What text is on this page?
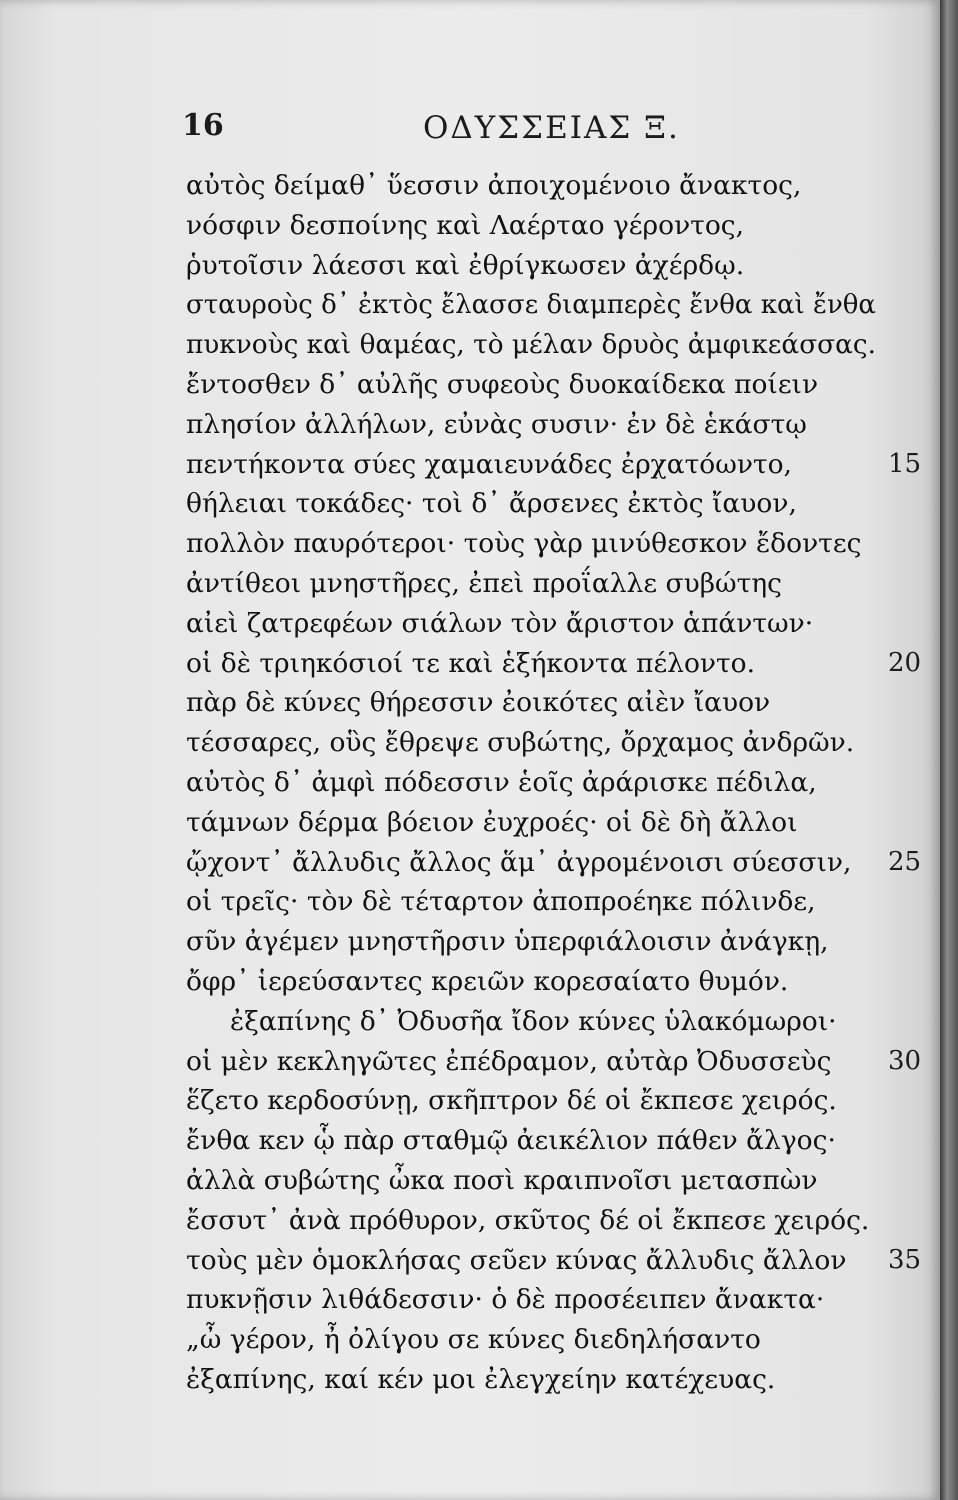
16	ΟΔΥΣΣΕΙΑΣ Ξ.
αὐτὸς δείμαθ᾽ ὕεσσιν ἀποιχομένοιο ἄνακτος,
νόσφιν δεσποίνης καὶ Λαέρταο γέροντος,
ῥυτοῖσιν λάεσσι καὶ ἐθρίγκωσεν ἀχέρδῳ.
σταυροὺς δ᾽ ἐκτὸς ἔλασσε διαμπερὲς ἔνθα καὶ ἔνθα
πυκνοὺς καὶ θαμέας, τὸ μέλαν δρυὸς ἀμφικεάσσας.
ἔντοσθεν δ᾽ αὐλῆς συφεοὺς δυοκαίδεκα ποίειν
πλησίον ἀλλήλων, εὐνὰς συσιν· ἐν δὲ ἑκάστῳ
πεντήκοντα σύες χαμαιευνάδες ἐρχατόωντο,	15
θήλειαι τοκάδες· τοὶ δ᾽ ἄρσενες ἐκτὸς ἴαυον,
πολλὸν παυρότεροι· τοὺς γὰρ μινύθεσκον ἔδοντες
ἀντίθεοι μνηστῆρες, ἐπεὶ προΐαλλε συβώτης
αἰεὶ ζατρεφέων σιάλων τὸν ἄριστον ἁπάντων·
οἱ δὲ τριηκόσιοί τε καὶ ἑξήκοντα πέλοντο.	20
πὰρ δὲ κύνες θήρεσσιν ἐοικότες αἰὲν ἴαυον
τέσσαρες, οὓς ἔθρεψε συβώτης, ὄρχαμος ἀνδρῶν.
αὐτὸς δ᾽ ἀμφὶ πόδεσσιν ἑοῖς ἀράρισκε πέδιλα,
τάμνων δέρμα βόειον ἐυχροές· οἱ δὲ δὴ ἄλλοι
ᾤχοντ᾽ ἄλλυδις ἄλλος ἅμ᾽ ἀγρομένοισι σύεσσιν, 25
οἱ τρεῖς· τὸν δὲ τέταρτον ἀποπροέηκε πόλινδε,
σῦν ἀγέμεν μνηστῆρσιν ὑπερφιάλοισιν ἀνάγκῃ,
ὄφρ᾽ ἱερεύσαντες κρειῶν κορεσαίατο θυμόν.
ἐξαπίνης δ᾽ Ὀδυσῆα ἴδον κύνες ὑλακόμωροι·
οἱ μὲν κεκληγῶτες ἐπέδραμον, αὐτὰρ Ὀδυσσεὺς 30
ἕζετο κερδοσύνῃ, σκῆπτρον δέ οἱ ἔκπεσε χειρός.
ἔνθα κεν ᾧ πὰρ σταθμῷ ἀεικέλιον πάθεν ἄλγος·
ἀλλὰ συβώτης ὦκα ποσὶ κραιπνοῖσι μετασπὼν
ἔσσυτ᾽ ἀνὰ πρόθυρον, σκῦτος δέ οἱ ἔκπεσε χειρός.
τοὺς μὲν ὁμοκλήσας σεῦεν κύνας ἄλλυδις ἄλλον 35
πυκνῇσιν λιθάδεσσιν· ὁ δὲ προσέειπεν ἄνακτα·
„ὦ γέρον, ἦ ὀλίγου σε κύνες διεδηλήσαντο
ἐξαπίνης, καί κέν μοι ἐλεγχείην κατέχευας.
